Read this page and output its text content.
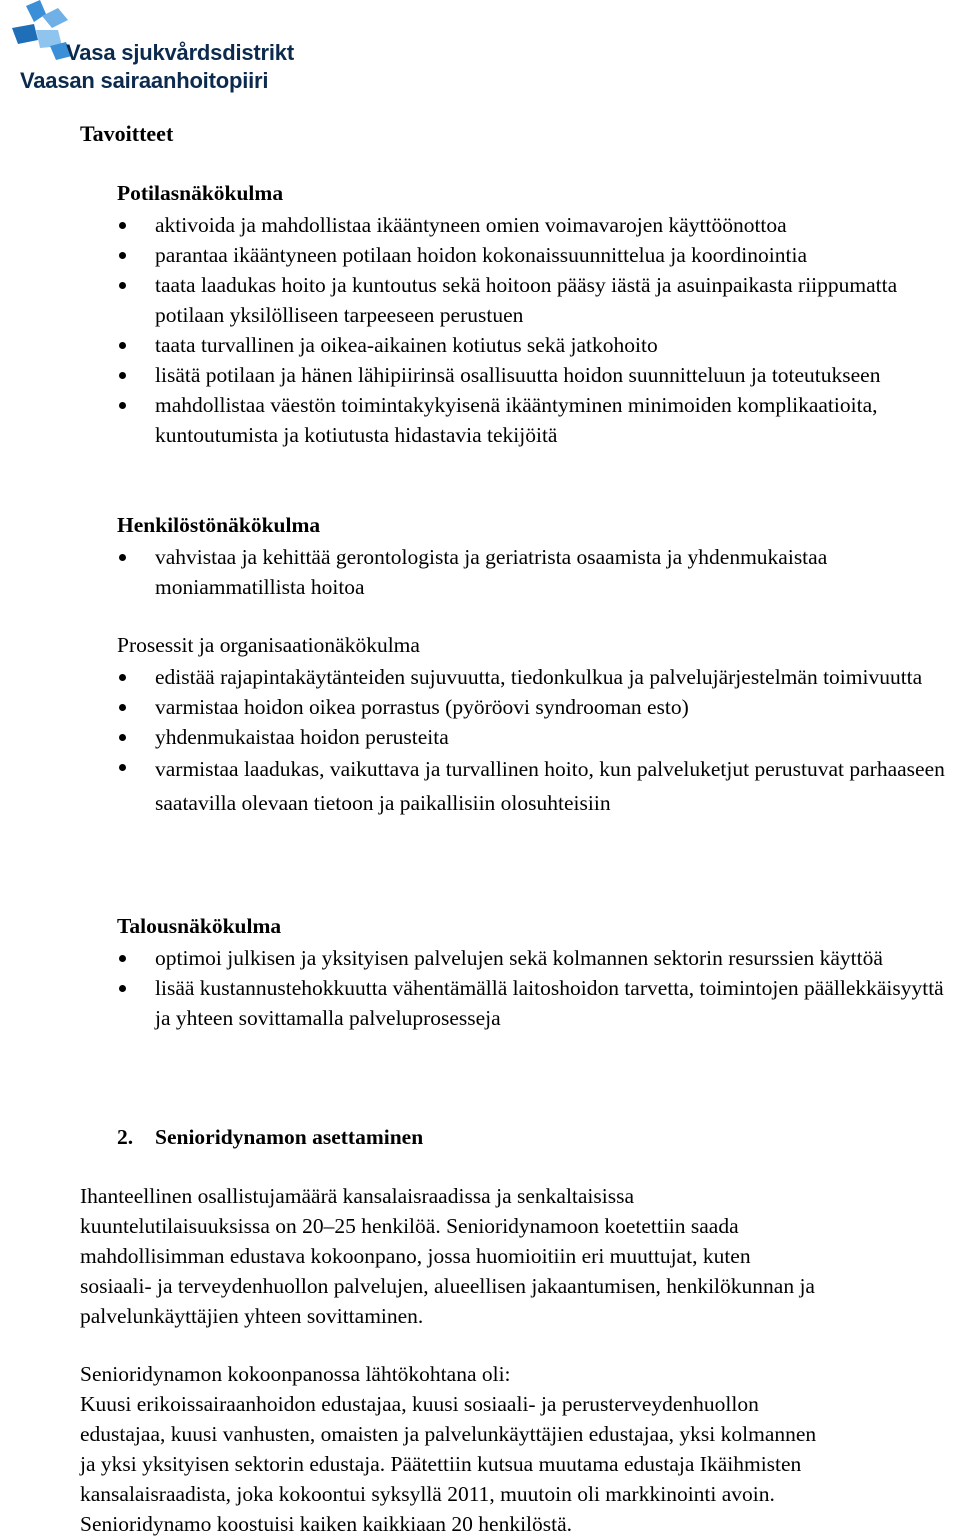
Vasa sjukvårdsdistrikt
Vaasan sairaanhoitopiiri
Tavoitteet
Potilasnäkökulma
aktivoida ja mahdollistaa ikääntyneen omien voimavarojen käyttöönottoa
parantaa ikääntyneen potilaan hoidon kokonaissuunnittelua ja koordinointia
taata laadukas hoito ja kuntoutus sekä hoitoon pääsy iästä ja asuinpaikasta riippumatta potilaan yksilölliseen tarpeeseen perustuen
taata turvallinen ja oikea-aikainen kotiutus sekä jatkohoito
lisätä potilaan ja hänen lähipiirinsä osallisuutta hoidon suunnitteluun ja toteutukseen
mahdollistaa väestön toimintakykyisenä ikääntyminen minimoiden komplikaatioita, kuntoutumista ja kotiutusta hidastavia tekijöitä
Henkilöstönäkökulma
vahvistaa ja kehittää gerontologista ja geriatrista osaamista ja yhdenmukaistaa moniammatillista hoitoa
Prosessit ja organisaationäkökulma
edistää rajapintakäytänteiden sujuvuutta, tiedonkulkua ja palvelujärjestelmän toimivuutta
varmistaa hoidon oikea porrastus (pyöröovi syndrooman esto)
yhdenmukaistaa hoidon perusteita
varmistaa laadukas, vaikuttava ja turvallinen hoito, kun palveluketjut perustuvat parhaaseen saatavilla olevaan tietoon ja paikallisiin olosuhteisiin
Talousnäkökulma
optimoi julkisen ja yksityisen palvelujen sekä kolmannen sektorin resurssien käyttöä
lisää kustannustehokkuutta vähentämällä laitoshoidon tarvetta, toimintojen päällekkäisyyttä ja yhteen sovittamalla palveluprosesseja
2. Senioridynamon asettaminen
Ihanteellinen osallistujamäärä kansalaisraadissa ja senkaltaisissa
kuuntelutilaisuuksissa on 20–25 henkilöä. Senioridynamoon koetettiin saada
mahdollisimman edustava kokoonpano, jossa huomioitiin eri muuttujat, kuten
sosiaali- ja terveydenhuollon palvelujen, alueellisen jakaantumisen, henkilökunnan ja
palvelunkäyttäjien yhteen sovittaminen.
Senioridynamon kokoonpanossa lähtökohtana oli:
Kuusi erikoissairaanhoidon edustajaa, kuusi sosiaali- ja perusterveydenhuollon
edustajaa, kuusi vanhusten, omaisten ja palvelunkäyttäjien edustajaa, yksi kolmannen
ja yksi yksityisen sektorin edustaja. Päätettiin kutsua muutama edustaja Ikäihmisten
kansalaisraadista, joka kokoontui syksyllä 2011, muutoin oli markkinointi avoin.
Senioridynamo koostuisi kaiken kaikkiaan 20 henkilöstä.
